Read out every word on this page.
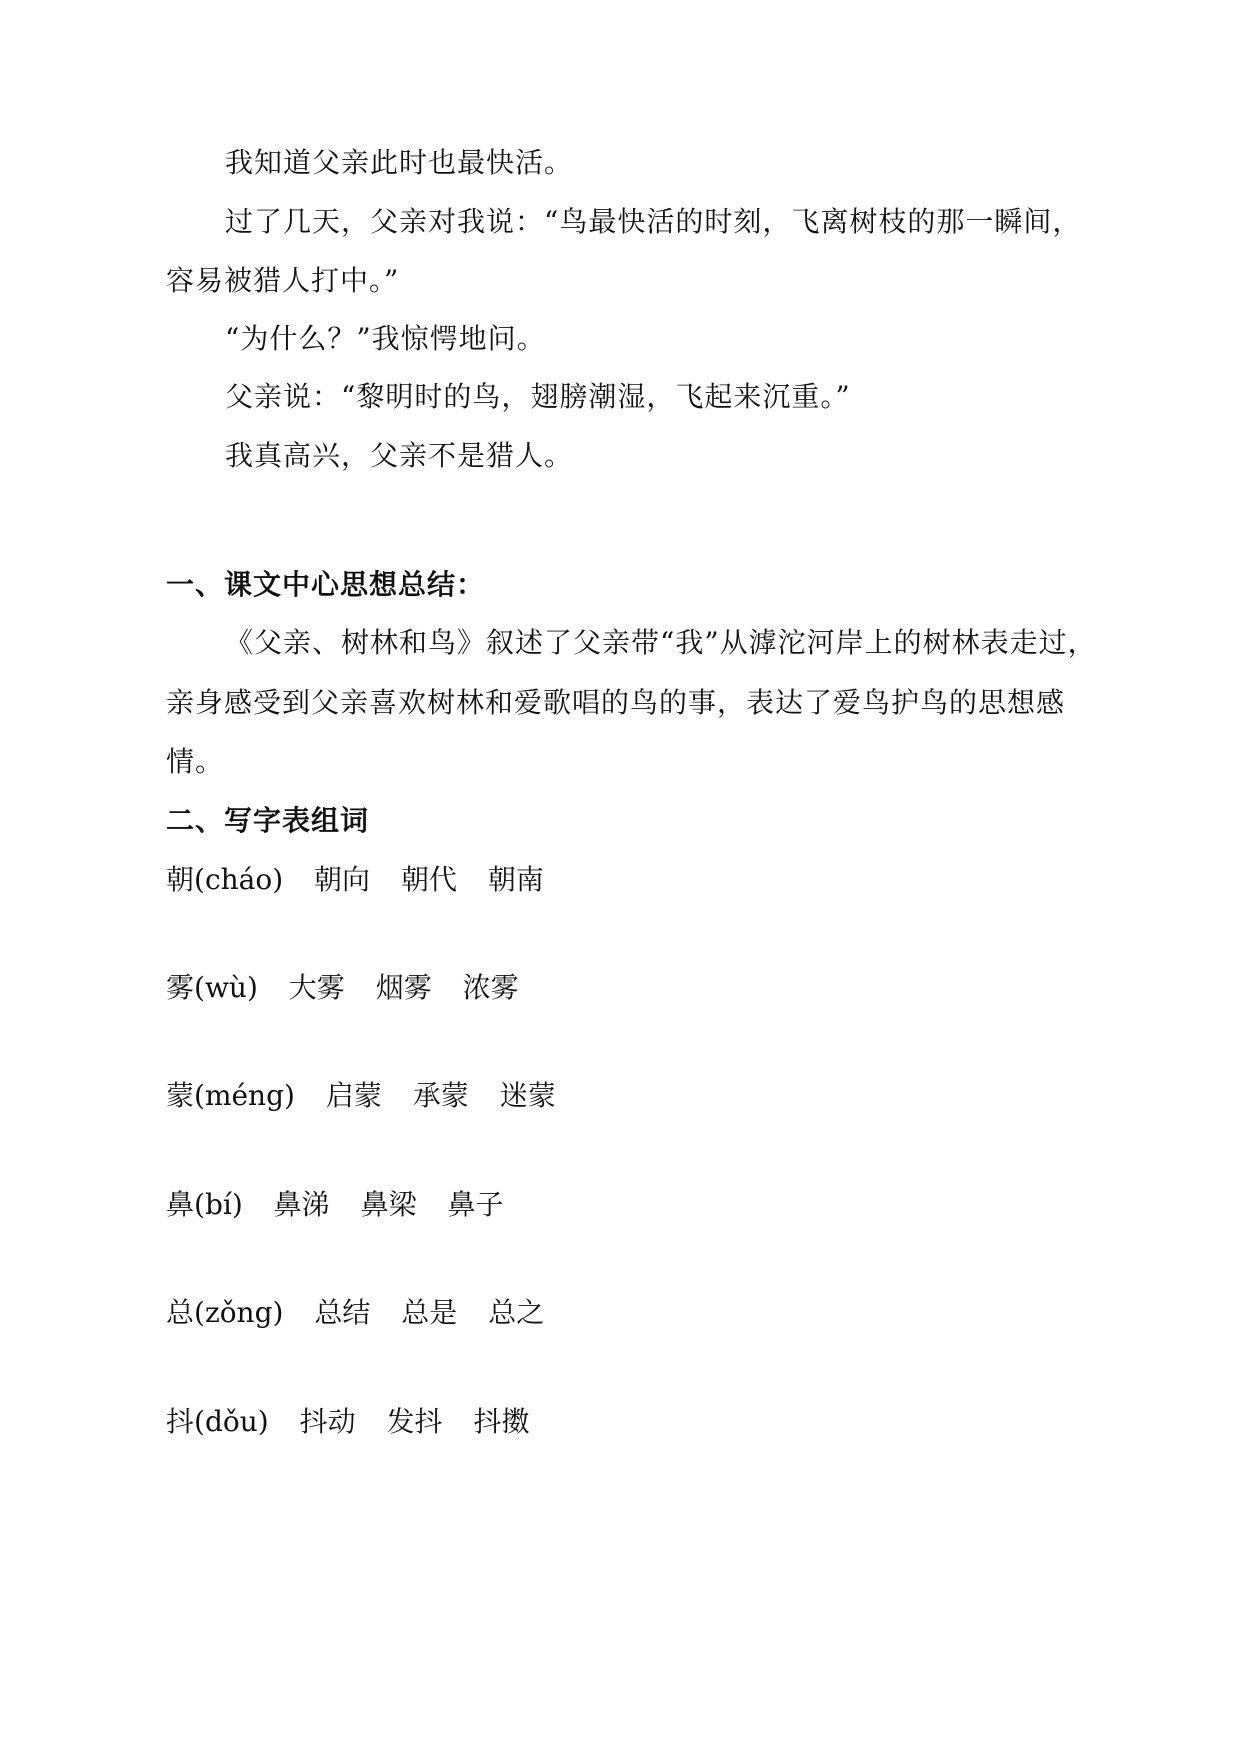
我知道父亲此时也最快活。
过了几天，父亲对我说：“鸟最快活的时刻，飞离树枝的那一瞬间，
容易被猎人打中。”
“为什么？”我惊愕地问。
父亲说：“黎明时的鸟，翅膀潮湿，飞起来沉重。”
我真高兴，父亲不是猎人。
一、课文中心思想总结：
《父亲、树林和鸟》叙述了父亲带“我”从滹沱河岸上的树林表走过，
亲身感受到父亲喜欢树林和爱歌唱的鸟的事，表达了爱鸟护鸟的思想感
情。
二、写字表组词
朝(cháo) 朝向 朝代 朝南
雾(wù) 大雾 烟雾 浓雾
蒙(méng) 启蒙 承蒙 迷蒙
鼻(bí) 鼻涕 鼻梁 鼻子
总(zǒng) 总结 总是 总之
抖(dǒu) 抖动 发抖 抖擞
